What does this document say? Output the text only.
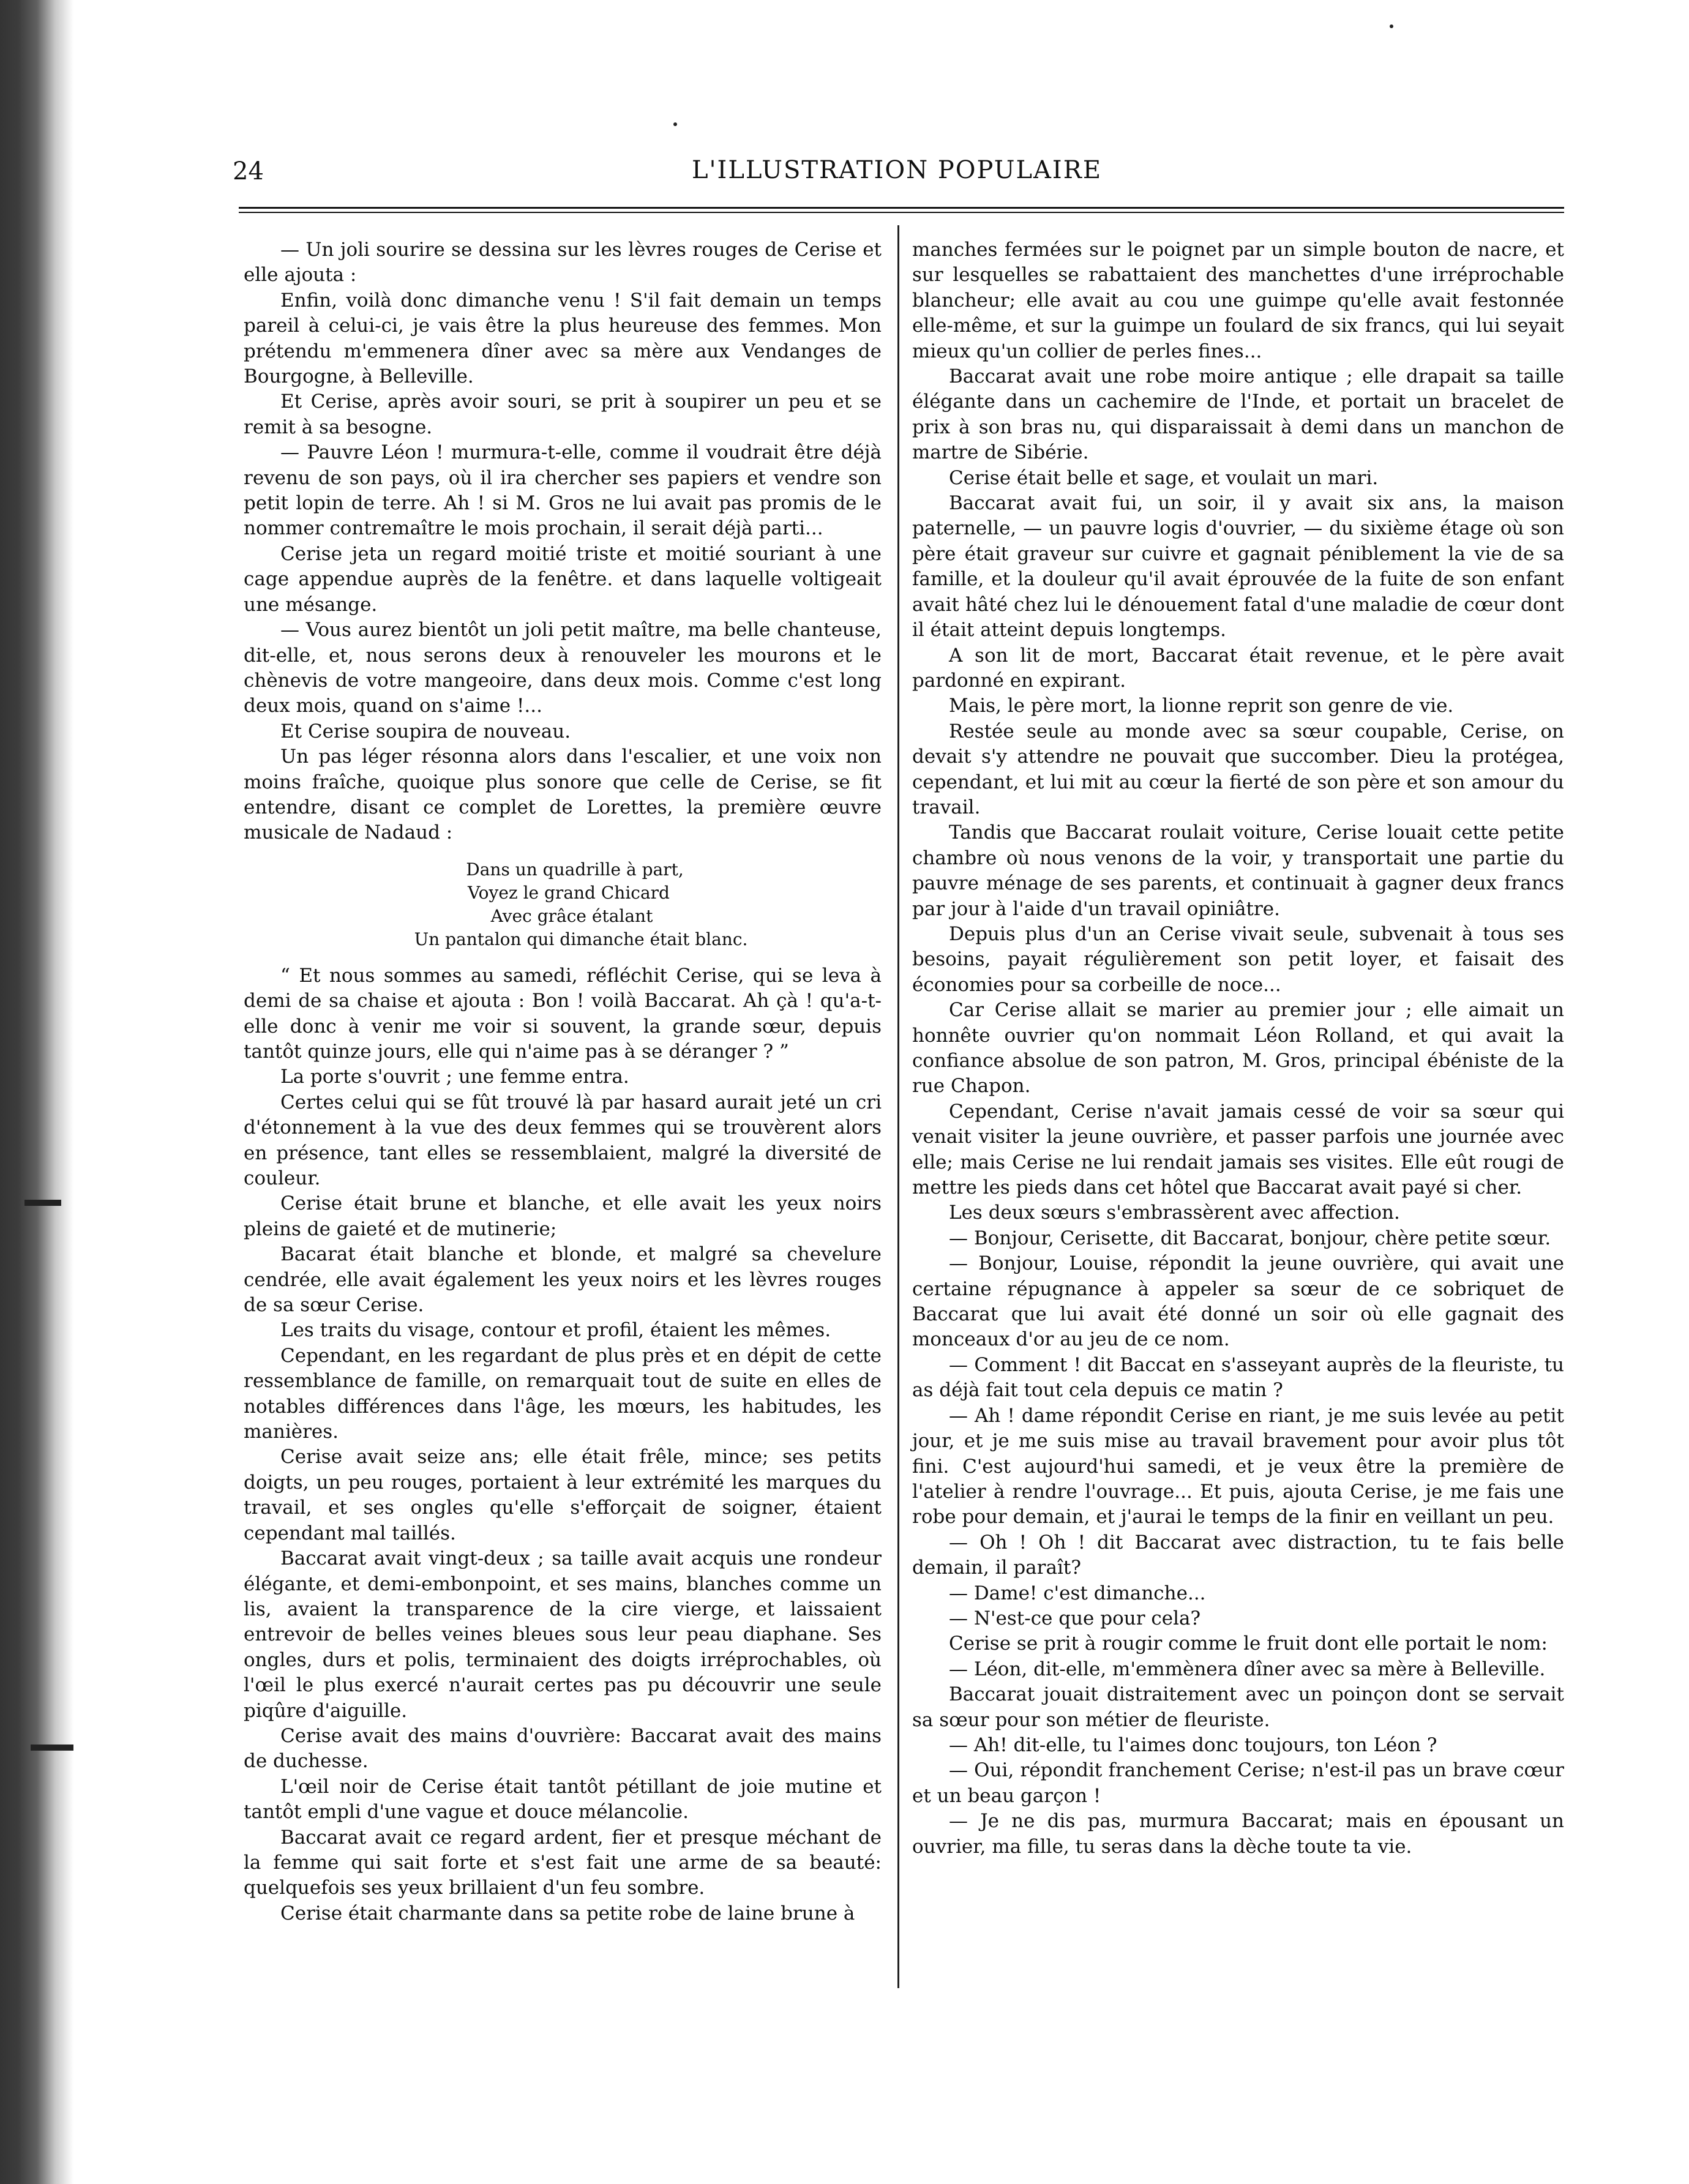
24	L'ILLUSTRATION POPULAIRE

— Un joli sourire se dessina sur les lèvres rouges de Cerise et elle ajouta :

Enfin, voilà donc dimanche venu ! S'il fait demain un temps pareil à celui-ci, je vais être la plus heureuse des femmes. Mon prétendu m'emmenera dîner avec sa mère aux Vendanges de Bourgogne, à Belleville.

Et Cerise, après avoir souri, se prit à soupirer un peu et se remit à sa besogne.

— Pauvre Léon ! murmura-t-elle, comme il voudrait être déjà revenu de son pays, où il ira chercher ses papiers et vendre son petit lopin de terre. Ah ! si M. Gros ne lui avait pas promis de le nommer contremaître le mois prochain, il serait déjà parti...

Cerise jeta un regard moitié triste et moitié souriant à une cage appendue auprès de la fenêtre. et dans laquelle voltigeait une mésange.

— Vous aurez bientôt un joli petit maître, ma belle chanteuse, dit-elle, et, nous serons deux à renouveler les mourons et le chènevis de votre mangeoire, dans deux mois. Comme c'est long deux mois, quand on s'aime !...

Et Cerise soupira de nouveau.

Un pas léger résonna alors dans l'escalier, et une voix non moins fraîche, quoique plus sonore que celle de Cerise, se fit entendre, disant ce complet de Lorettes, la première œuvre musicale de Nadaud :

Dans un quadrille à part,
Voyez le grand Chicard
Avec grâce étalant
Un pantalon qui dimanche était blanc.

“ Et nous sommes au samedi, réfléchit Cerise, qui se leva à demi de sa chaise et ajouta : Bon ! voilà Baccarat. Ah çà ! qu'a-t-elle donc à venir me voir si souvent, la grande sœur, depuis tantôt quinze jours, elle qui n'aime pas à se déranger ? ”

La porte s'ouvrit ; une femme entra.

Certes celui qui se fût trouvé là par hasard aurait jeté un cri d'étonnement à la vue des deux femmes qui se trouvèrent alors en présence, tant elles se ressemblaient, malgré la diversité de couleur.

Cerise était brune et blanche, et elle avait les yeux noirs pleins de gaieté et de mutinerie;

Bacarat était blanche et blonde, et malgré sa chevelure cendrée, elle avait également les yeux noirs et les lèvres rouges de sa sœur Cerise.

Les traits du visage, contour et profil, étaient les mêmes.

Cependant, en les regardant de plus près et en dépit de cette ressemblance de famille, on remarquait tout de suite en elles de notables différences dans l'âge, les mœurs, les habitudes, les manières.

Cerise avait seize ans; elle était frêle, mince; ses petits doigts, un peu rouges, portaient à leur extrémité les marques du travail, et ses ongles qu'elle s'efforçait de soigner, étaient cependant mal taillés.

Baccarat avait vingt-deux ; sa taille avait acquis une rondeur élégante, et demi-embonpoint, et ses mains, blanches comme un lis, avaient la transparence de la cire vierge, et laissaient entrevoir de belles veines bleues sous leur peau diaphane. Ses ongles, durs et polis, terminaient des doigts irréprochables, où l'œil le plus exercé n'aurait certes pas pu découvrir une seule piqûre d'aiguille.

Cerise avait des mains d'ouvrière: Baccarat avait des mains de duchesse.

L'œil noir de Cerise était tantôt pétillant de joie mutine et tantôt empli d'une vague et douce mélancolie.

Baccarat avait ce regard ardent, fier et presque méchant de la femme qui sait forte et s'est fait une arme de sa beauté: quelquefois ses yeux brillaient d'un feu sombre.

Cerise était charmante dans sa petite robe de laine brune à

manches fermées sur le poignet par un simple bouton de nacre, et sur lesquelles se rabattaient des manchettes d'une irréprochable blancheur; elle avait au cou une guimpe qu'elle avait festonnée elle-même, et sur la guimpe un foulard de six francs, qui lui seyait mieux qu'un collier de perles fines...

Baccarat avait une robe moire antique ; elle drapait sa taille élégante dans un cachemire de l'Inde, et portait un bracelet de prix à son bras nu, qui disparaissait à demi dans un manchon de martre de Sibérie.

Cerise était belle et sage, et voulait un mari.

Baccarat avait fui, un soir, il y avait six ans, la maison paternelle, — un pauvre logis d'ouvrier, — du sixième étage où son père était graveur sur cuivre et gagnait péniblement la vie de sa famille, et la douleur qu'il avait éprouvée de la fuite de son enfant avait hâté chez lui le dénouement fatal d'une maladie de cœur dont il était atteint depuis longtemps.

A son lit de mort, Baccarat était revenue, et le père avait pardonné en expirant.

Mais, le père mort, la lionne reprit son genre de vie.

Restée seule au monde avec sa sœur coupable, Cerise, on devait s'y attendre ne pouvait que succomber. Dieu la protégea, cependant, et lui mit au cœur la fierté de son père et son amour du travail.

Tandis que Baccarat roulait voiture, Cerise louait cette petite chambre où nous venons de la voir, y transportait une partie du pauvre ménage de ses parents, et continuait à gagner deux francs par jour à l'aide d'un travail opiniâtre.

Depuis plus d'un an Cerise vivait seule, subvenait à tous ses besoins, payait régulièrement son petit loyer, et faisait des économies pour sa corbeille de noce...

Car Cerise allait se marier au premier jour ; elle aimait un honnête ouvrier qu'on nommait Léon Rolland, et qui avait la confiance absolue de son patron, M. Gros, principal ébéniste de la rue Chapon.

Cependant, Cerise n'avait jamais cessé de voir sa sœur qui venait visiter la jeune ouvrière, et passer parfois une journée avec elle; mais Cerise ne lui rendait jamais ses visites. Elle eût rougi de mettre les pieds dans cet hôtel que Baccarat avait payé si cher.

Les deux sœurs s'embrassèrent avec affection.

— Bonjour, Cerisette, dit Baccarat, bonjour, chère petite sœur.

— Bonjour, Louise, répondit la jeune ouvrière, qui avait une certaine répugnance à appeler sa sœur de ce sobriquet de Baccarat que lui avait été donné un soir où elle gagnait des monceaux d'or au jeu de ce nom.

— Comment ! dit Baccat en s'asseyant auprès de la fleuriste, tu as déjà fait tout cela depuis ce matin ?

— Ah ! dame répondit Cerise en riant, je me suis levée au petit jour, et je me suis mise au travail bravement pour avoir plus tôt fini. C'est aujourd'hui samedi, et je veux être la première de l'atelier à rendre l'ouvrage... Et puis, ajouta Cerise, je me fais une robe pour demain, et j'aurai le temps de la finir en veillant un peu.

— Oh ! Oh ! dit Baccarat avec distraction, tu te fais belle demain, il paraît?

— Dame! c'est dimanche...

— N'est-ce que pour cela?

Cerise se prit à rougir comme le fruit dont elle portait le nom:

— Léon, dit-elle, m'emmènera dîner avec sa mère à Belleville.

Baccarat jouait distraitement avec un poinçon dont se servait sa sœur pour son métier de fleuriste.

— Ah! dit-elle, tu l'aimes donc toujours, ton Léon ?

— Oui, répondit franchement Cerise; n'est-il pas un brave cœur et un beau garçon !

— Je ne dis pas, murmura Baccarat; mais en épousant un ouvrier, ma fille, tu seras dans la dèche toute ta vie.
